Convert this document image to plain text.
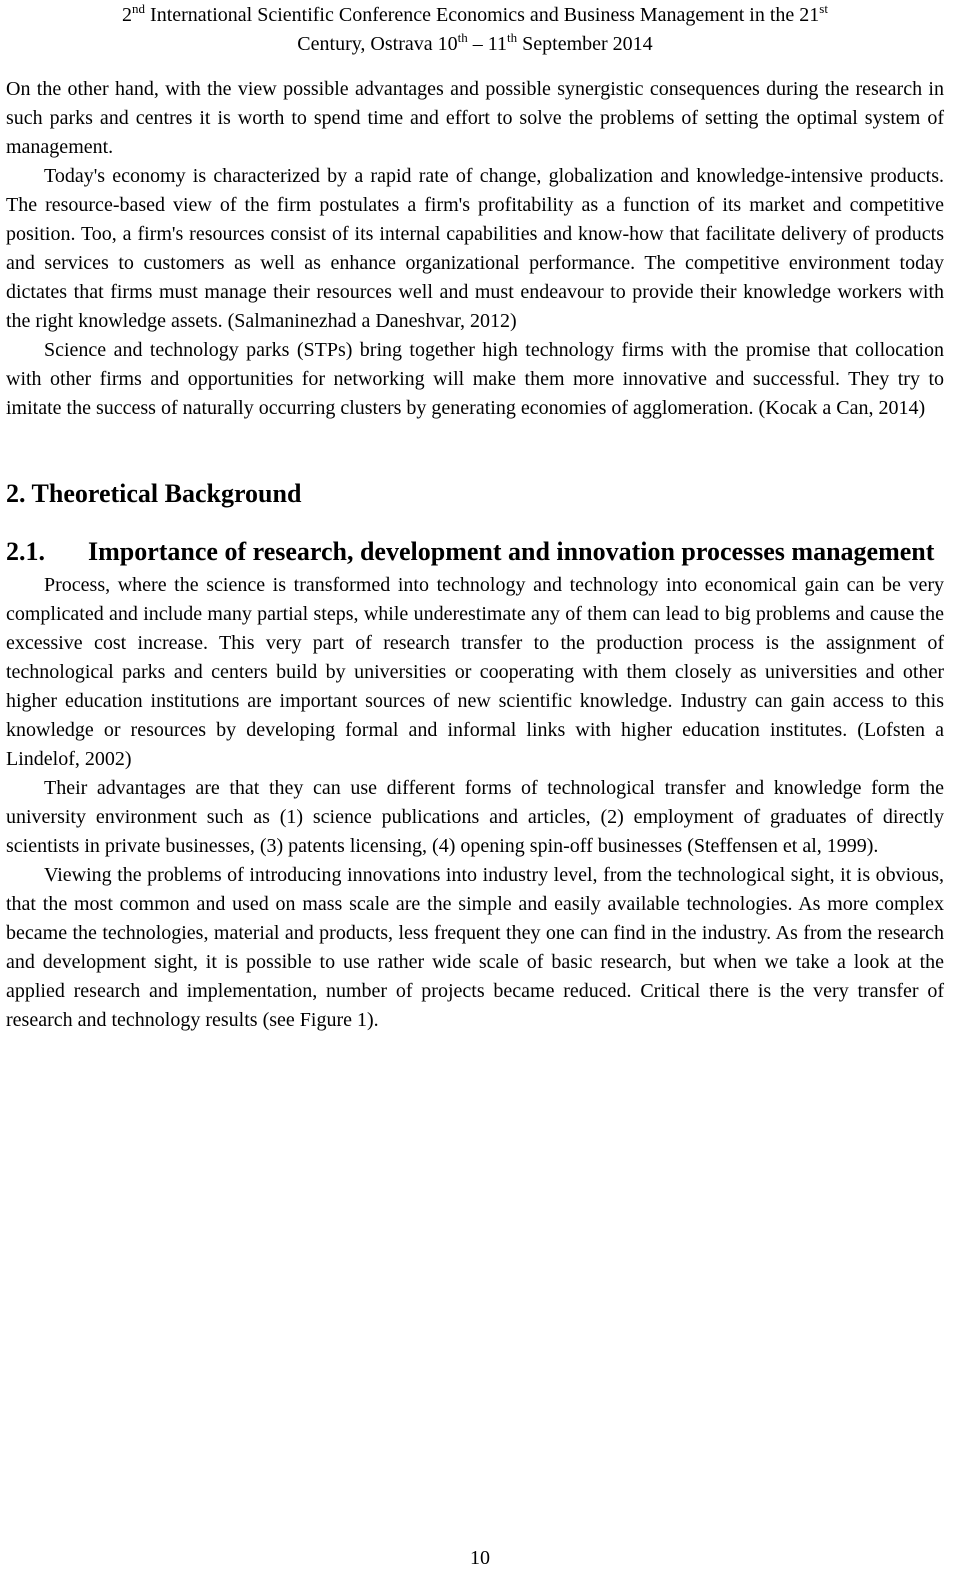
2nd International Scientific Conference Economics and Business Management in the 21st
Century, Ostrava 10th – 11th September 2014

On the other hand, with the view possible advantages and possible synergistic consequences during the research in such parks and centres it is worth to spend time and effort to solve the problems of setting the optimal system of management.

Today's economy is characterized by a rapid rate of change, globalization and knowledge-intensive products. The resource-based view of the firm postulates a firm's profitability as a function of its market and competitive position. Too, a firm's resources consist of its internal capabilities and know-how that facilitate delivery of products and services to customers as well as enhance organizational performance. The competitive environment today dictates that firms must manage their resources well and must endeavour to provide their knowledge workers with the right knowledge assets. (Salmaninezhad a Daneshvar, 2012)

Science and technology parks (STPs) bring together high technology firms with the promise that collocation with other firms and opportunities for networking will make them more innovative and successful. They try to imitate the success of naturally occurring clusters by generating economies of agglomeration. (Kocak a Can, 2014)

2. Theoretical Background
2.1. Importance of research, development and innovation processes management

Process, where the science is transformed into technology and technology into economical gain can be very complicated and include many partial steps, while underestimate any of them can lead to big problems and cause the excessive cost increase. This very part of research transfer to the production process is the assignment of technological parks and centers build by universities or cooperating with them closely as universities and other higher education institutions are important sources of new scientific knowledge. Industry can gain access to this knowledge or resources by developing formal and informal links with higher education institutes. (Lofsten a Lindelof, 2002)

Their advantages are that they can use different forms of technological transfer and knowledge form the university environment such as (1) science publications and articles, (2) employment of graduates of directly scientists in private businesses, (3) patents licensing, (4) opening spin-off businesses (Steffensen et al, 1999).

Viewing the problems of introducing innovations into industry level, from the technological sight, it is obvious, that the most common and used on mass scale are the simple and easily available technologies. As more complex became the technologies, material and products, less frequent they one can find in the industry. As from the research and development sight, it is possible to use rather wide scale of basic research, but when we take a look at the applied research and implementation, number of projects became reduced. Critical there is the very transfer of research and technology results (see Figure 1).

10
